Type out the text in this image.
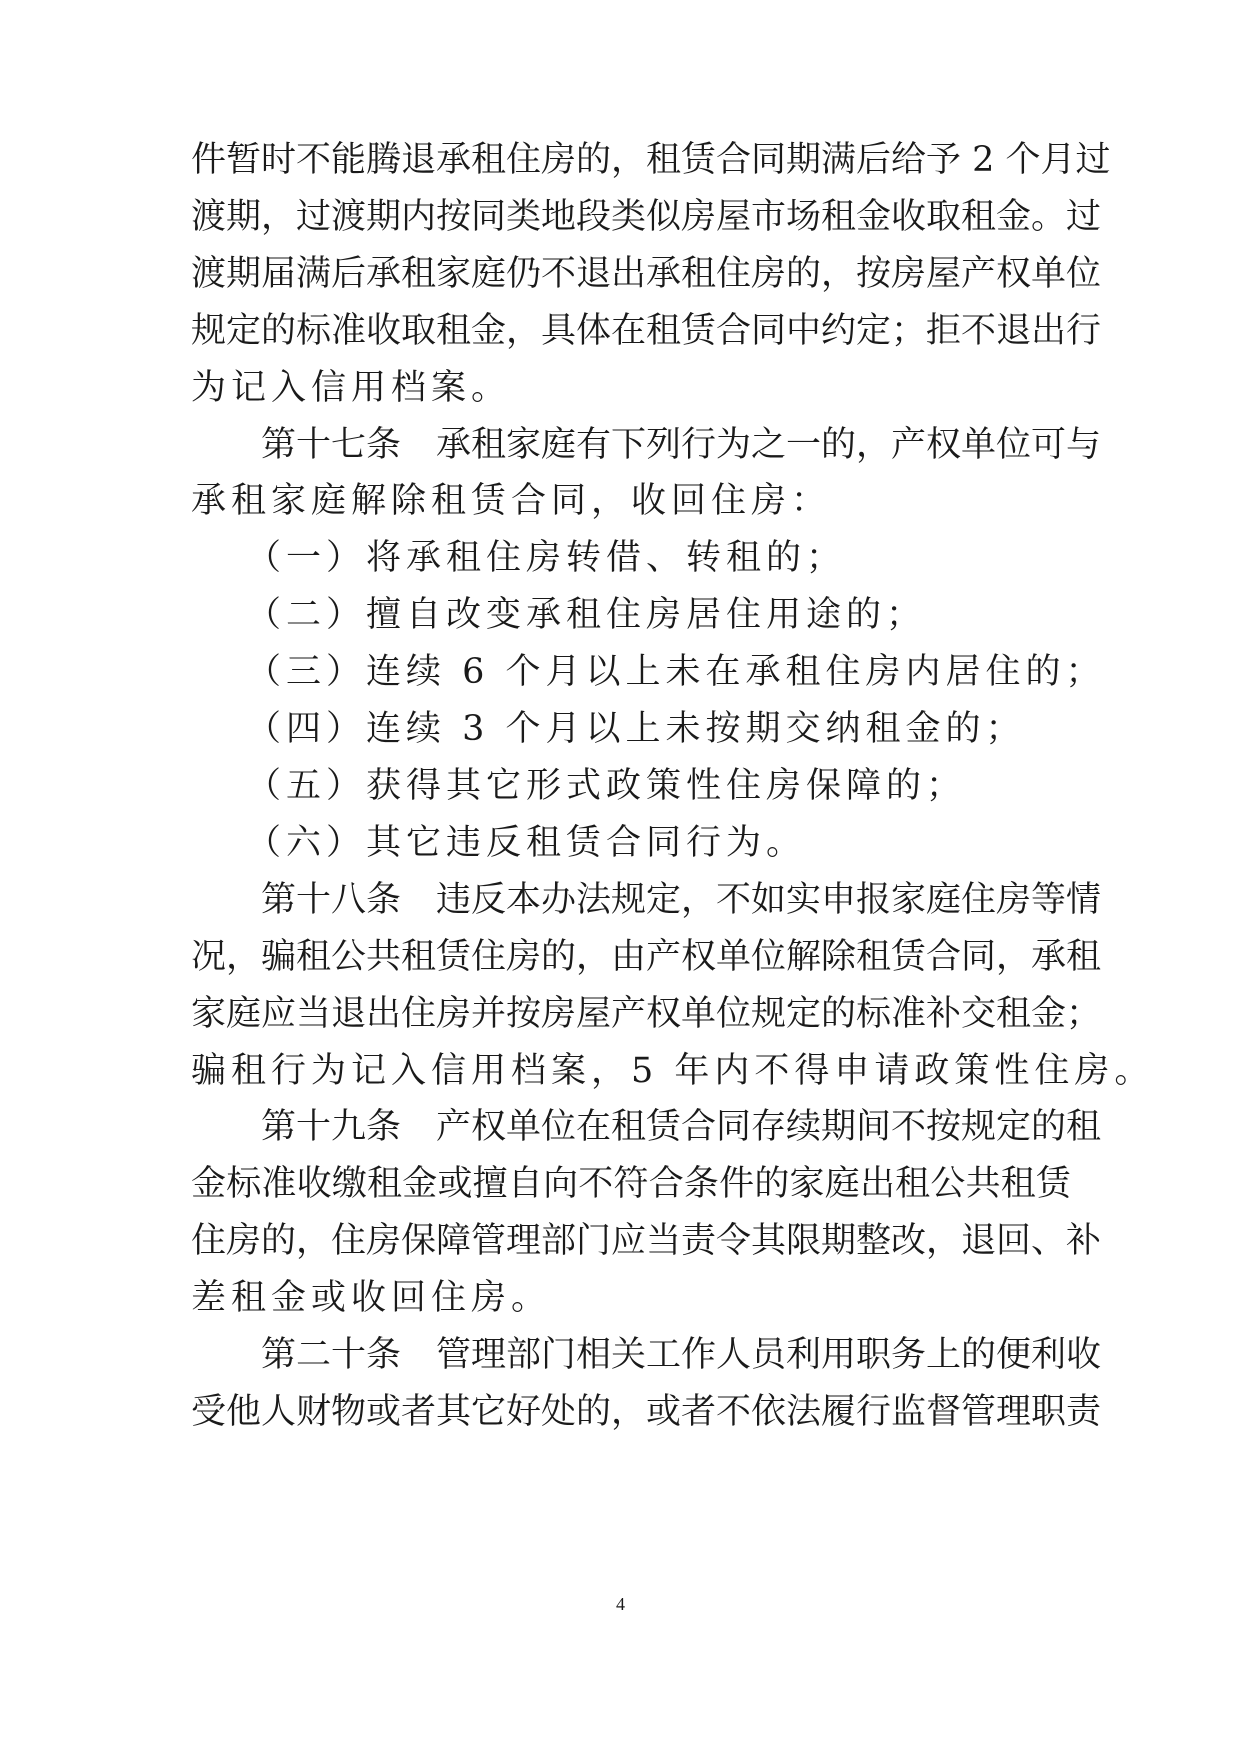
件暂时不能腾退承租住房的，租赁合同期满后给予 2 个月过

渡期，过渡期内按同类地段类似房屋市场租金收取租金。过

渡期届满后承租家庭仍不退出承租住房的，按房屋产权单位

规定的标准收取租金，具体在租赁合同中约定；拒不退出行

为记入信用档案。

第十七条　承租家庭有下列行为之一的，产权单位可与

承租家庭解除租赁合同，收回住房：

（一）将承租住房转借、转租的；

（二）擅自改变承租住房居住用途的；

（三）连续 6 个月以上未在承租住房内居住的；

（四）连续 3 个月以上未按期交纳租金的；

（五）获得其它形式政策性住房保障的；

（六）其它违反租赁合同行为。

第十八条　违反本办法规定，不如实申报家庭住房等情

况，骗租公共租赁住房的，由产权单位解除租赁合同，承租

家庭应当退出住房并按房屋产权单位规定的标准补交租金；

骗租行为记入信用档案，5 年内不得申请政策性住房。

第十九条　产权单位在租赁合同存续期间不按规定的租

金标准收缴租金或擅自向不符合条件的家庭出租公共租赁

住房的，住房保障管理部门应当责令其限期整改，退回、补

差租金或收回住房。

第二十条　管理部门相关工作人员利用职务上的便利收

受他人财物或者其它好处的，或者不依法履行监督管理职责

4
